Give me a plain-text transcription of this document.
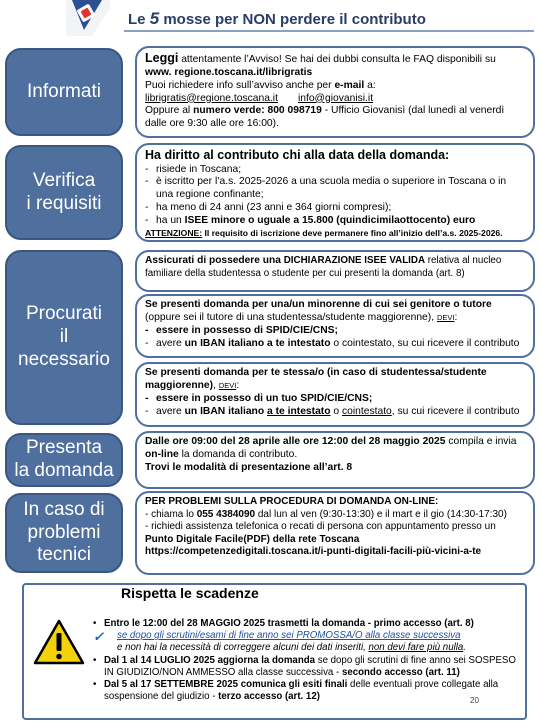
Le 5 mosse per NON perdere il contributo
Informati
Leggi attentamente l’Avviso! Se hai dei dubbi consulta le FAQ disponibili su
www. regione.toscana.it/librigratis
Puoi richiedere info sull’avviso anche per e-mail a:
librigratis@regione.toscana.it info@giovanisi.it
Oppure al numero verde: 800 098719 - Ufficio Giovanisì (dal lunedì al venerdì dalle ore 9:30 alle ore 16:00).
Verifica
i requisiti
Ha diritto al contributo chi alla data della domanda:
- risiede in Toscana;
- è iscritto per l’a.s. 2025-2026 a una scuola media o superiore in Toscana o in una regione confinante;
- ha meno di 24 anni (23 anni e 364 giorni compresi);
- ha un ISEE minore o uguale a 15.800 (quindicimilaottocento) euro
ATTENZIONE: Il requisito di iscrizione deve permanere fino all’inizio dell’a.s. 2025-2026.
Procurati
il
necessario
Assicurati di possedere una DICHIARAZIONE ISEE VALIDA relativa al nucleo familiare della studentessa o studente per cui presenti la domanda (art. 8)
Se presenti domanda per una/un minorenne di cui sei genitore o tutore (oppure sei il tutore di una studentessa/studente maggiorenne), DEVI:
- essere in possesso di SPID/CIE/CNS;
- avere un IBAN italiano a te intestato o cointestato, su cui ricevere il contributo
Se presenti domanda per te stessa/o (in caso di studentessa/studente maggiorenne), DEVI:
- essere in possesso di un tuo SPID/CIE/CNS;
- avere un IBAN italiano a te intestato o cointestato, su cui ricevere il contributo
Presenta
la domanda
Dalle ore 09:00 del 28 aprile alle ore 12:00 del 28 maggio 2025 compila e invia
on-line la domanda di contributo.
Trovi le modalità di presentazione all’art. 8
In caso di
problemi
tecnici
PER PROBLEMI SULLA PROCEDURA DI DOMANDA ON-LINE:
- chiama lo 055 4384090 dal lun al ven (9:30-13:30) e il mart e il gio (14:30-17:30)
- richiedi assistenza telefonica o recati di persona con appuntamento presso un
Punto Digitale Facile(PDF) della rete Toscana
https://competenzedigitali.toscana.it/i-punti-digitali-facili-più-vicini-a-te
Rispetta le scadenze
• Entro le 12:00 del 28 MAGGIO 2025 trasmetti la domanda - primo accesso (art. 8)
✓ se dopo gli scrutini/esami di fine anno sei PROMOSSA/O alla classe successiva
e non hai la necessità di correggere alcuni dei dati inseriti, non devi fare più nulla.
• Dal 1 al 14 LUGLIO 2025 aggiorna la domanda se dopo gli scrutini di fine anno sei SOSPESO IN GIUDIZIO/NON AMMESSO alla classe successiva - secondo accesso (art. 11)
• Dal 5 al 17 SETTEMBRE 2025 comunica gli esiti finali delle eventuali prove collegate alla sospensione del giudizio - terzo accesso (art. 12)	20
